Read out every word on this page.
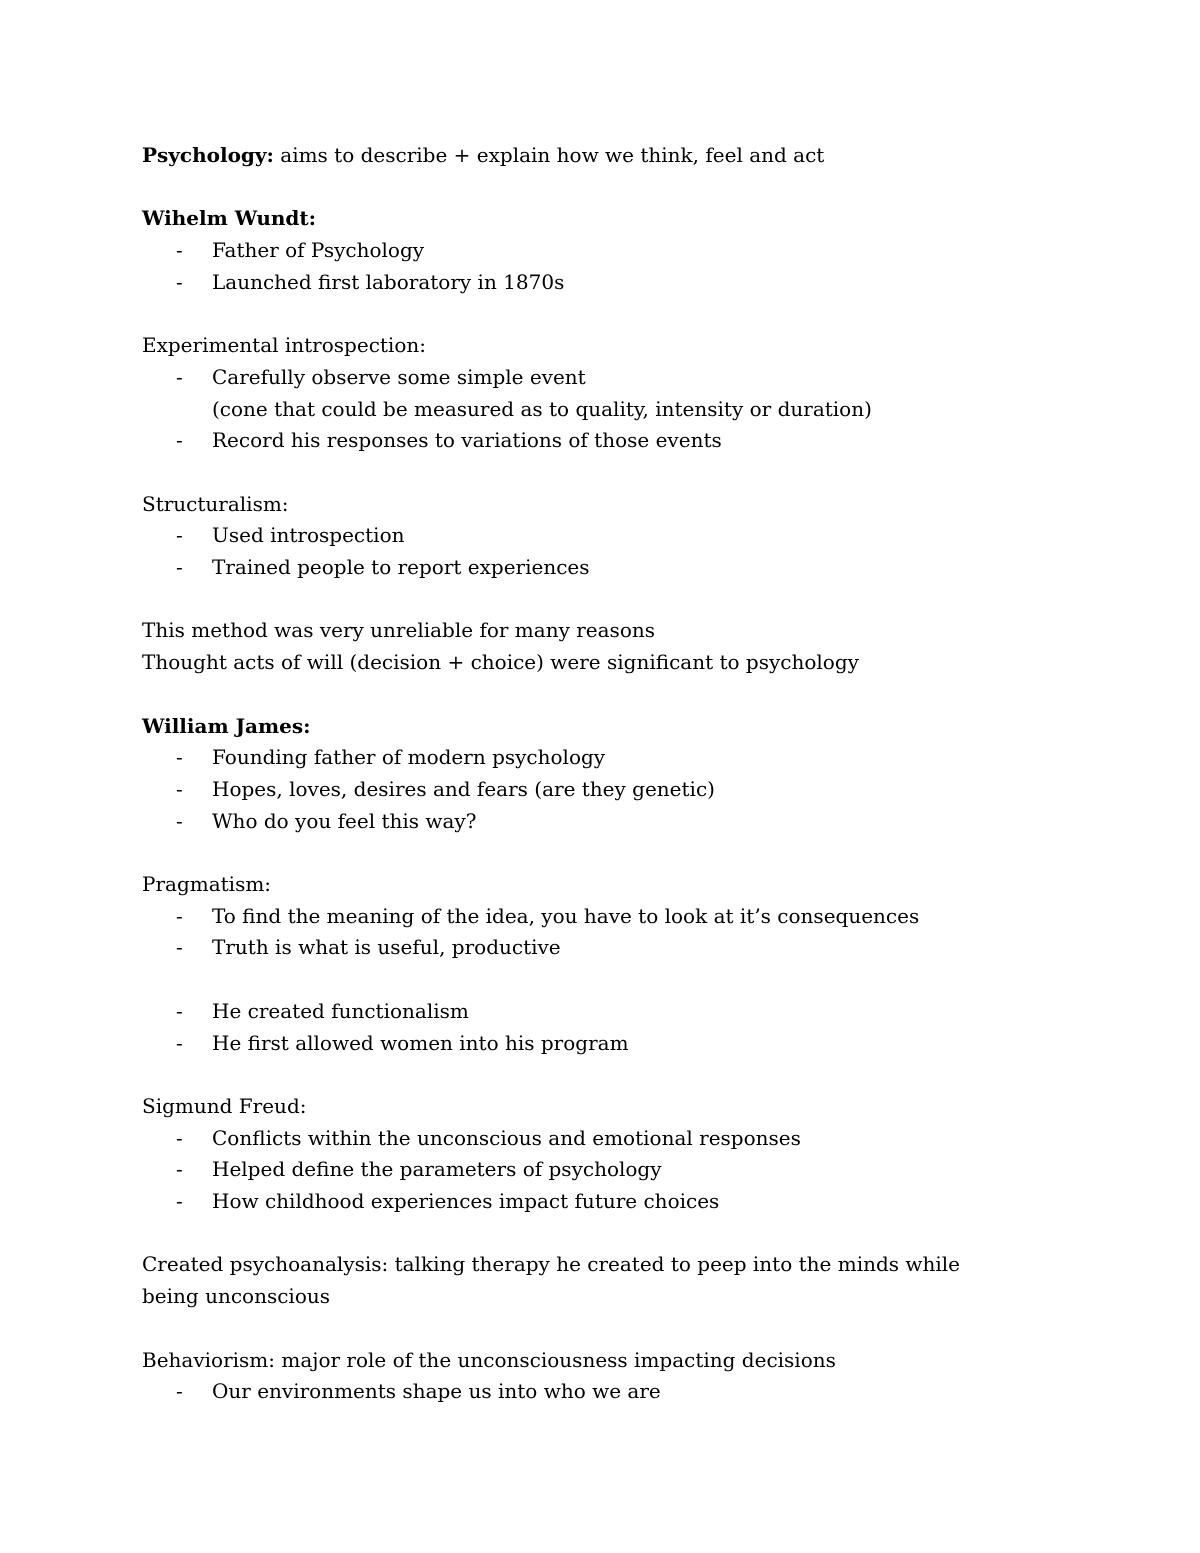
Psychology: aims to describe + explain how we think, feel and act
Wihelm Wundt:
- Father of Psychology
- Launched first laboratory in 1870s
Experimental introspection:
- Carefully observe some simple event
(cone that could be measured as to quality, intensity or duration)
- Record his responses to variations of those events
Structuralism:
- Used introspection
- Trained people to report experiences
This method was very unreliable for many reasons
Thought acts of will (decision + choice) were significant to psychology
William James:
- Founding father of modern psychology
- Hopes, loves, desires and fears (are they genetic)
- Who do you feel this way?
Pragmatism:
- To find the meaning of the idea, you have to look at it’s consequences
- Truth is what is useful, productive
- He created functionalism
- He first allowed women into his program
Sigmund Freud:
- Conflicts within the unconscious and emotional responses
- Helped define the parameters of psychology
- How childhood experiences impact future choices
Created psychoanalysis: talking therapy he created to peep into the minds while being unconscious
Behaviorism: major role of the unconsciousness impacting decisions
- Our environments shape us into who we are
